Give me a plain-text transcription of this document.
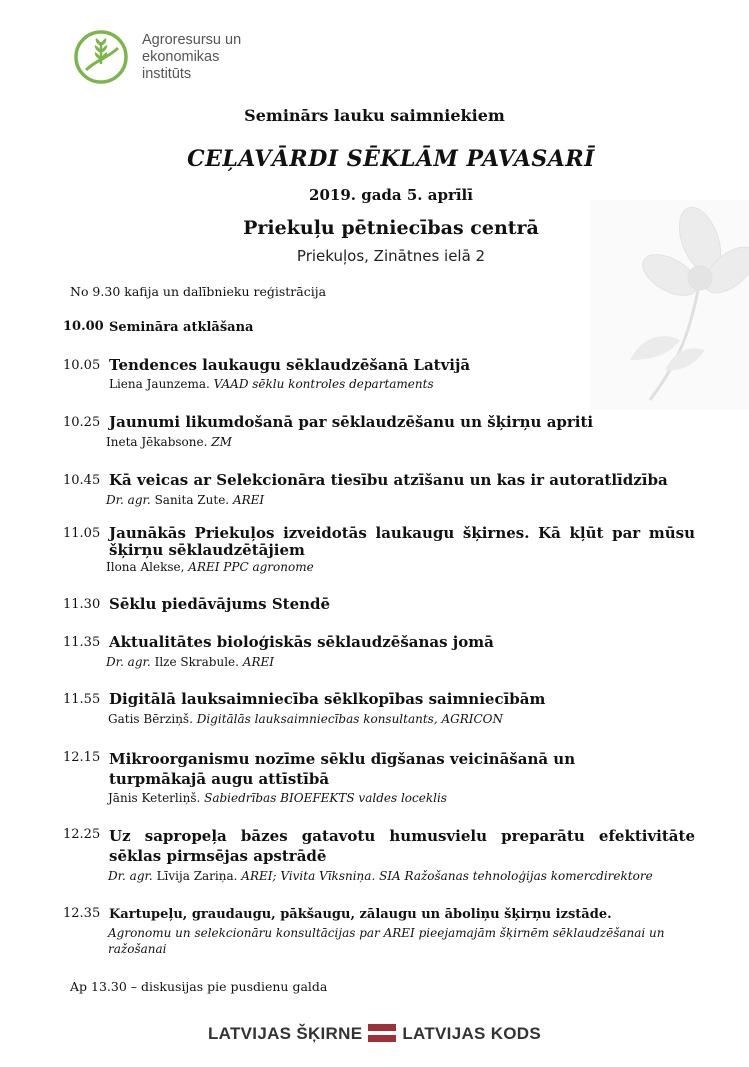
Agroresursu un
ekonomikas
institūts
Seminārs lauku saimniekiem
CEĻAVĀRDI SĒKLĀM PAVASARĪ
2019. gada 5. aprīlī
Priekuļu pētniecības centrā
Priekuļos, Zinātnes ielā 2
No 9.30 kafija un dalībnieku reģistrācija
10.00 Semināra atklāšana
10.05 Tendences laukaugu sēklaudzēšanā Latvijā
Liena Jaunzema. VAAD sēklu kontroles departaments
10.25 Jaunumi likumdošanā par sēklaudzēšanu un šķirņu apriti
Ineta Jēkabsone. ZM
10.45 Kā veicas ar Selekcionāra tiesību atzīšanu un kas ir autoratlīdzība
Dr. agr. Sanita Zute. AREI
11.05 Jaunākās Priekuļos izveidotās laukaugu šķirnes. Kā kļūt par mūsu šķirņu sēklaudzētājiem
Ilona Alekse, AREI PPC agronome
11.30 Sēklu piedāvājums Stendē
11.35 Aktualitātes bioloģiskās sēklaudzēšanas jomā
Dr. agr. Ilze Skrabule. AREI
11.55 Digitālā lauksaimniecība sēklkopības saimniecībām
Gatis Bērziņš. Digitālās lauksaimniecības konsultants, AGRICON
12.15 Mikroorganismu nozīme sēklu dīgšanas veicināšanā un turpmākajā augu attīstībā
Jānis Keterliņš. Sabiedrības BIOEFEKTS valdes loceklis
12.25 Uz sapropeļa bāzes gatavotu humusvielu preparātu efektivitāte sēklas pirmsējas apstrādē
Dr. agr. Līvija Zariņa. AREI; Vivita Vīksniņa. SIA Ražošanas tehnoloģijas komercdirektore
12.35 Kartupeļu, graudaugu, pākšaugu, zālaugu un āboliņu šķirņu izstāde.
Agronomu un selekcionāru konsultācijas par AREI pieejamajām šķirnēm sēklaudzēšanai un ražošanai
Ap 13.30 – diskusijas pie pusdienu galda
LATVIJAS ŠĶIRNE LATVIJAS KODS
